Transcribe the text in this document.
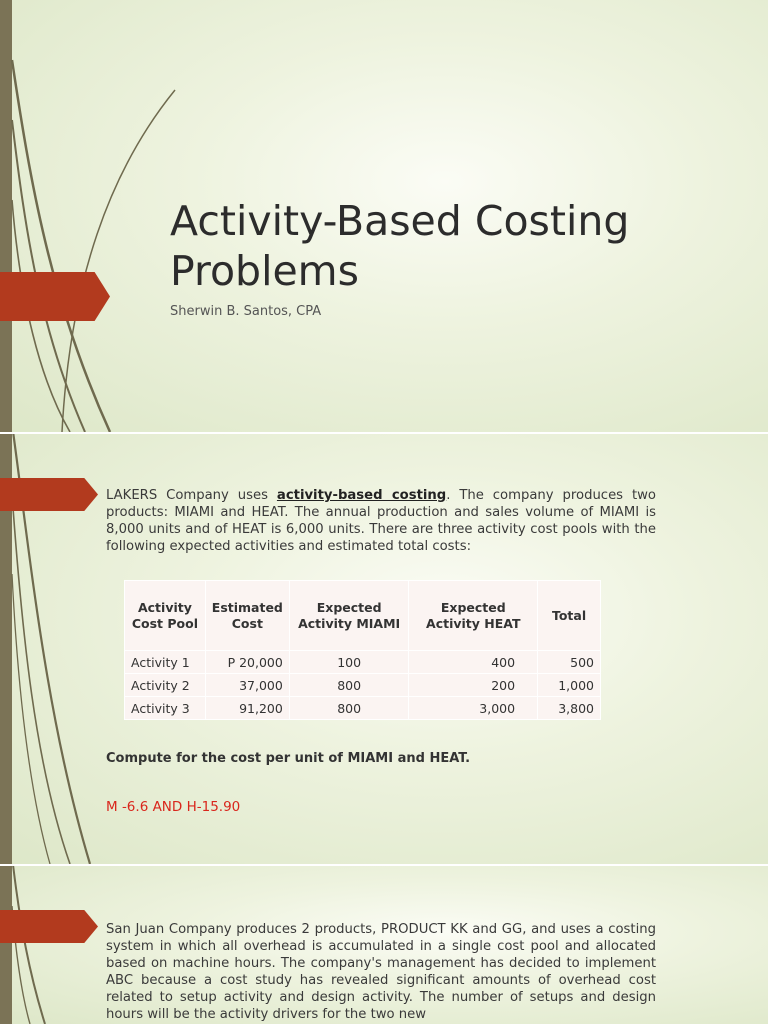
Activity-Based Costing Problems
Sherwin B. Santos, CPA

LAKERS Company uses activity-based costing. The company produces two products: MIAMI and HEAT. The annual production and sales volume of MIAMI is 8,000 units and of HEAT is 6,000 units. There are three activity cost pools with the following expected activities and estimated total costs:

Activity Cost Pool	Estimated Cost	Expected Activity MIAMI	Expected Activity HEAT	Total
Activity 1	P 20,000	100	400	500
Activity 2	37,000	800	200	1,000
Activity 3	91,200	800	3,000	3,800
Compute for the cost per unit of MIAMI and HEAT.
M -6.6 AND H-15.90

San Juan Company produces 2 products, PRODUCT KK and GG, and uses a costing system in which all overhead is accumulated in a single cost pool and allocated based on machine hours. The company's management has decided to implement ABC because a cost study has revealed significant amounts of overhead cost related to setup activity and design activity. The number of setups and design hours will be the activity drivers for the two new
